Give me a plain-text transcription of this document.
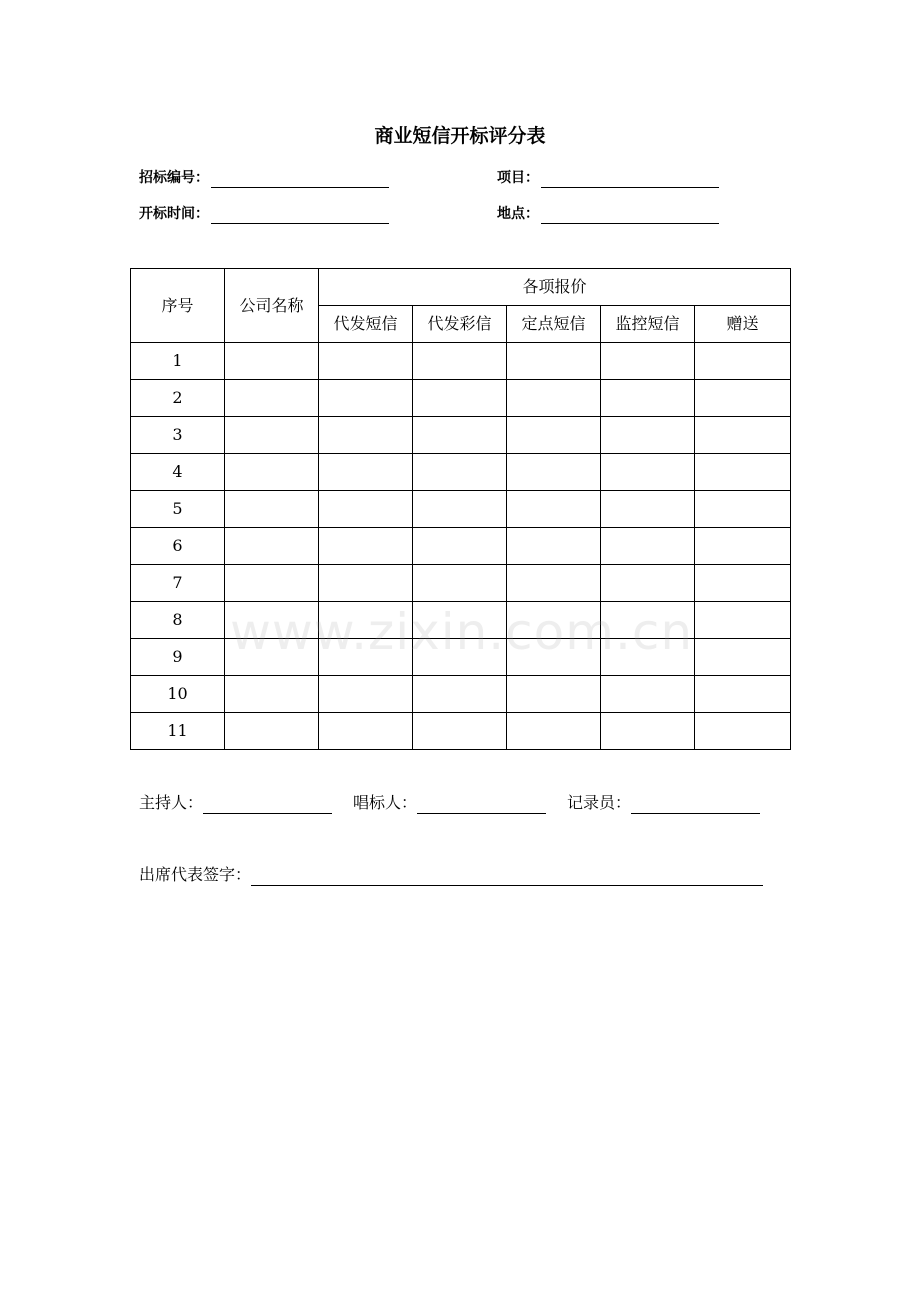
商业短信开标评分表
招标编号：	项目：
开标时间：	地点：
序号	公司名称	各项报价				
		代发短信	代发彩信	定点短信	监控短信	赠送
1						
2						
3						
4						
5						
6						
7						
8						
9						
10						
11						
www.zixin.com.cn
主持人：	唱标人：	记录员：
出席代表签字：
